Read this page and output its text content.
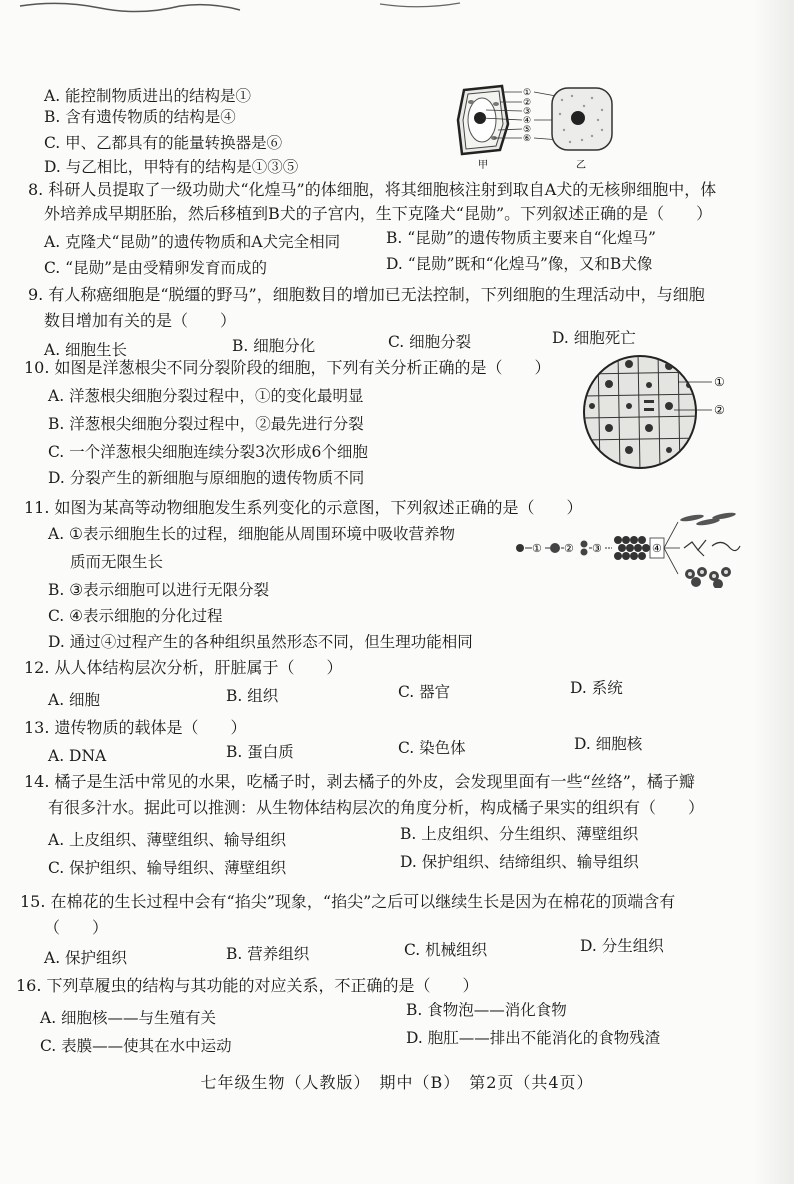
A. 能控制物质进出的结构是①
B. 含有遗传物质的结构是④
C. 甲、乙都具有的能量转换器是⑥
D. 与乙相比，甲特有的结构是①③⑤
①
②
③
④
⑤
⑥
甲	乙
8. 科研人员提取了一级功勋犬“化煌马”的体细胞，将其细胞核注射到取自A犬的无核卵细胞中，体
外培养成早期胚胎，然后移植到B犬的子宫内，生下克隆犬“昆勋”。下列叙述正确的是（　　）
A. 克隆犬“昆勋”的遗传物质和A犬完全相同	B. “昆勋”的遗传物质主要来自“化煌马”
C. “昆勋”是由受精卵发育而成的	D. “昆勋”既和“化煌马”像，又和B犬像
9. 有人称癌细胞是“脱缰的野马”，细胞数目的增加已无法控制，下列细胞的生理活动中，与细胞
数目增加有关的是（　　）
A. 细胞生长	B. 细胞分化	C. 细胞分裂	D. 细胞死亡
10. 如图是洋葱根尖不同分裂阶段的细胞，下列有关分析正确的是（　　）
A. 洋葱根尖细胞分裂过程中，①的变化最明显
B. 洋葱根尖细胞分裂过程中，②最先进行分裂
C. 一个洋葱根尖细胞连续分裂3次形成6个细胞
D. 分裂产生的新细胞与原细胞的遗传物质不同
①
②
11. 如图为某高等动物细胞发生系列变化的示意图，下列叙述正确的是（　　）
A. ①表示细胞生长的过程，细胞能从周围环境中吸收营养物
质而无限生长
B. ③表示细胞可以进行无限分裂
C. ④表示细胞的分化过程
D. 通过④过程产生的各种组织虽然形态不同，但生理功能相同
① ② ③	④
12. 从人体结构层次分析，肝脏属于（　　）
A. 细胞	B. 组织	C. 器官	D. 系统
13. 遗传物质的载体是（　　）
A. DNA	B. 蛋白质	C. 染色体	D. 细胞核
14. 橘子是生活中常见的水果，吃橘子时，剥去橘子的外皮，会发现里面有一些“丝络”，橘子瓣
有很多汁水。据此可以推测：从生物体结构层次的角度分析，构成橘子果实的组织有（　　）
A. 上皮组织、薄壁组织、输导组织	B. 上皮组织、分生组织、薄壁组织
C. 保护组织、输导组织、薄壁组织	D. 保护组织、结缔组织、输导组织
15. 在棉花的生长过程中会有“掐尖”现象，“掐尖”之后可以继续生长是因为在棉花的顶端含有
（　　）
A. 保护组织	B. 营养组织	C. 机械组织	D. 分生组织
16. 下列草履虫的结构与其功能的对应关系，不正确的是（　　）
A. 细胞核——与生殖有关	B. 食物泡——消化食物
C. 表膜——使其在水中运动	D. 胞肛——排出不能消化的食物残渣
七年级生物（人教版）　期中（B）　第2页（共4页）
